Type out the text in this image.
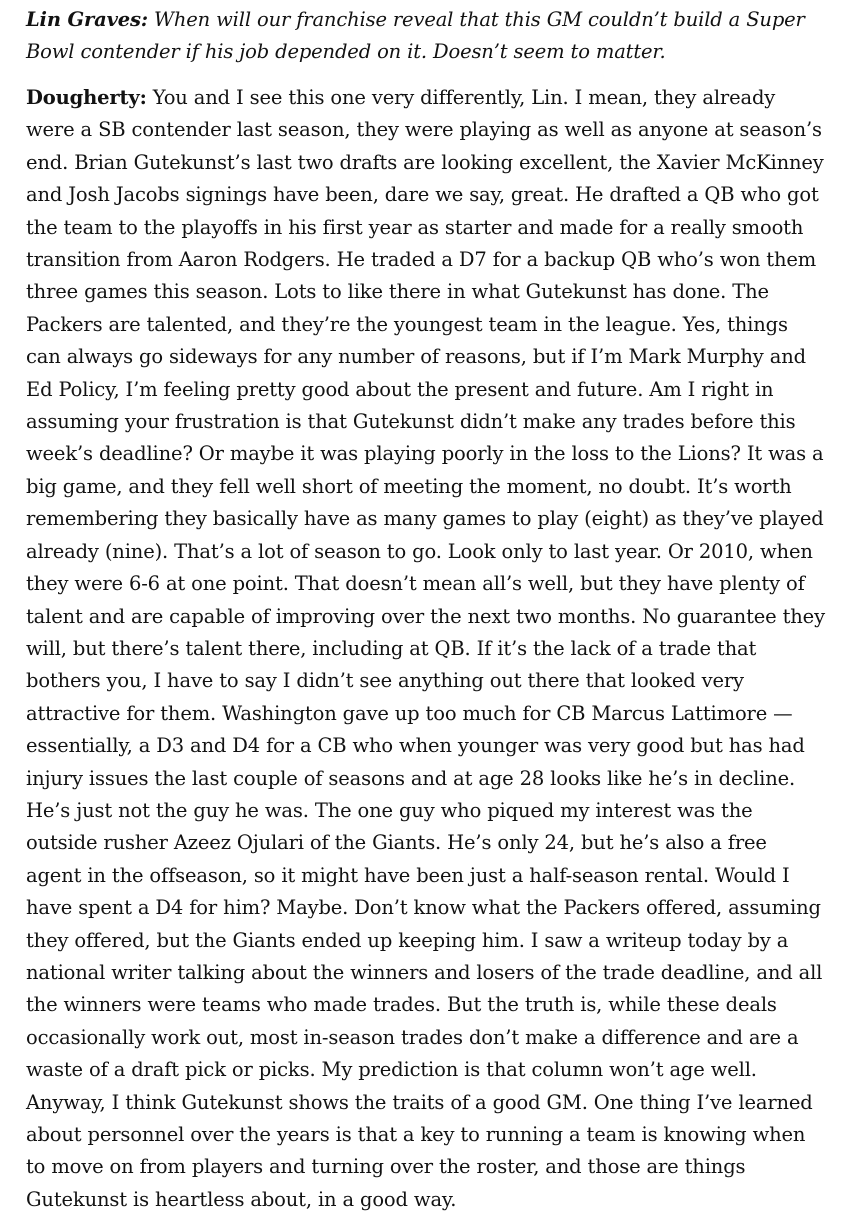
Lin Graves: When will our franchise reveal that this GM couldn’t build a Super Bowl contender if his job depended on it. Doesn’t seem to matter.

Dougherty: You and I see this one very differently, Lin. I mean, they already were a SB contender last season, they were playing as well as anyone at season’s end. Brian Gutekunst’s last two drafts are looking excellent, the Xavier McKinney and Josh Jacobs signings have been, dare we say, great. He drafted a QB who got the team to the playoffs in his first year as starter and made for a really smooth transition from Aaron Rodgers. He traded a D7 for a backup QB who’s won them three games this season. Lots to like there in what Gutekunst has done. The Packers are talented, and they’re the youngest team in the league. Yes, things can always go sideways for any number of reasons, but if I’m Mark Murphy and Ed Policy, I’m feeling pretty good about the present and future. Am I right in assuming your frustration is that Gutekunst didn’t make any trades before this week’s deadline? Or maybe it was playing poorly in the loss to the Lions? It was a big game, and they fell well short of meeting the moment, no doubt. It’s worth remembering they basically have as many games to play (eight) as they’ve played already (nine). That’s a lot of season to go. Look only to last year. Or 2010, when they were 6-6 at one point. That doesn’t mean all’s well, but they have plenty of talent and are capable of improving over the next two months. No guarantee they will, but there’s talent there, including at QB. If it’s the lack of a trade that bothers you, I have to say I didn’t see anything out there that looked very attractive for them. Washington gave up too much for CB Marcus Lattimore — essentially, a D3 and D4 for a CB who when younger was very good but has had injury issues the last couple of seasons and at age 28 looks like he’s in decline. He’s just not the guy he was. The one guy who piqued my interest was the outside rusher Azeez Ojulari of the Giants. He’s only 24, but he’s also a free agent in the offseason, so it might have been just a half-season rental. Would I have spent a D4 for him? Maybe. Don’t know what the Packers offered, assuming they offered, but the Giants ended up keeping him. I saw a writeup today by a national writer talking about the winners and losers of the trade deadline, and all the winners were teams who made trades. But the truth is, while these deals occasionally work out, most in-season trades don’t make a difference and are a waste of a draft pick or picks. My prediction is that column won’t age well. Anyway, I think Gutekunst shows the traits of a good GM. One thing I’ve learned about personnel over the years is that a key to running a team is knowing when to move on from players and turning over the roster, and those are things Gutekunst is heartless about, in a good way.
